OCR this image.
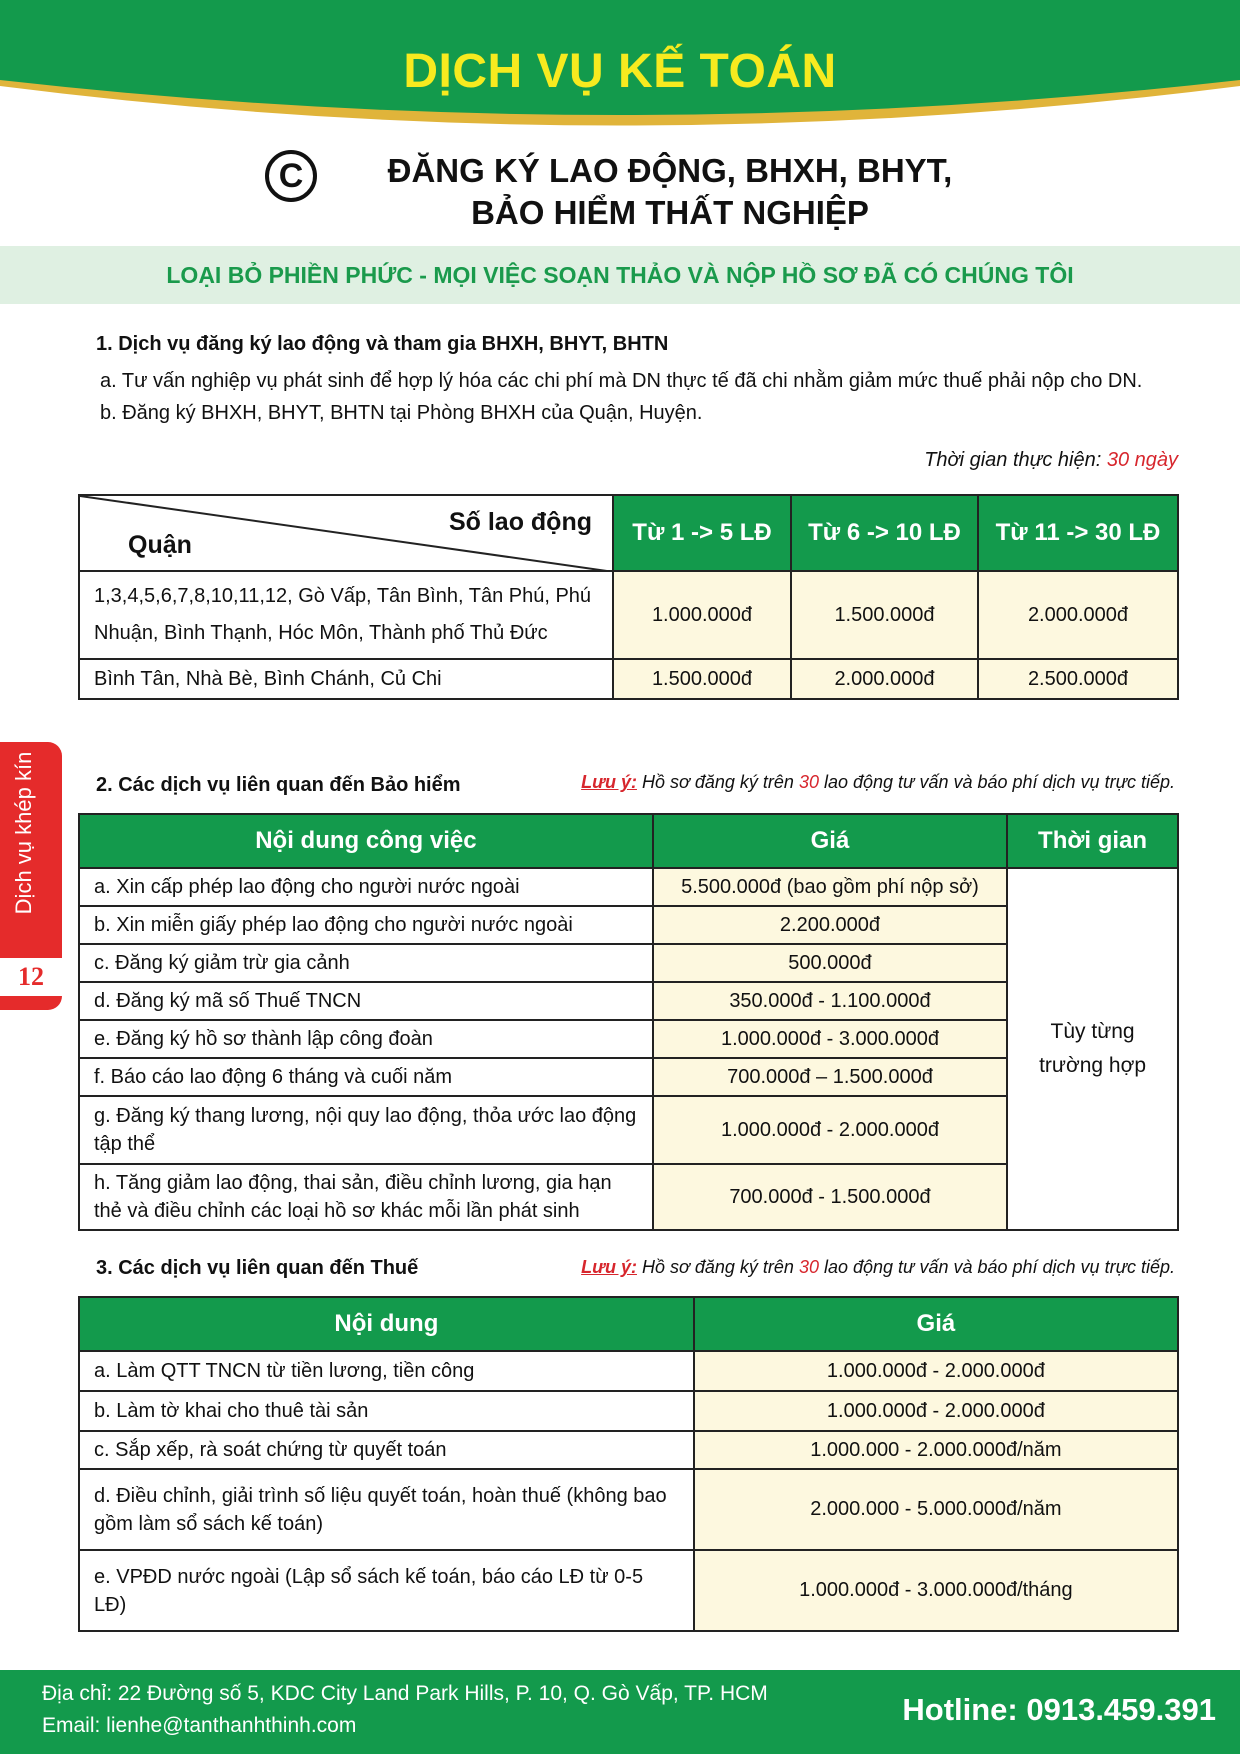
DỊCH VỤ KẾ TOÁN
C	ĐĂNG KÝ LAO ĐỘNG, BHXH, BHYT,
BẢO HIỂM THẤT NGHIỆP
LOẠI BỎ PHIỀN PHỨC - MỌI VIỆC SOẠN THẢO VÀ NỘP HỒ SƠ ĐÃ CÓ CHÚNG TÔI
1. Dịch vụ đăng ký lao động và tham gia BHXH, BHYT, BHTN
a. Tư vấn nghiệp vụ phát sinh để hợp lý hóa các chi phí mà DN thực tế đã chi nhằm giảm mức thuế phải nộp cho DN.
b. Đăng ký BHXH, BHYT, BHTN tại Phòng BHXH của Quận, Huyện.
Thời gian thực hiện: 30 ngày
Số lao động
Quận	Từ 1 -> 5 LĐ	Từ 6 -> 10 LĐ	Từ 11 -> 30 LĐ
1,3,4,5,6,7,8,10,11,12, Gò Vấp, Tân Bình, Tân Phú, Phú Nhuận, Bình Thạnh, Hóc Môn, Thành phố Thủ Đức	1.000.000đ	1.500.000đ	2.000.000đ
Bình Tân, Nhà Bè, Bình Chánh, Củ Chi	1.500.000đ	2.000.000đ	2.500.000đ
Dịch vụ khép kín
12
2. Các dịch vụ liên quan đến Bảo hiểm	Lưu ý: Hồ sơ đăng ký trên 30 lao động tư vấn và báo phí dịch vụ trực tiếp.
Nội dung công việc	Giá	Thời gian
a. Xin cấp phép lao động cho người nước ngoài	5.500.000đ (bao gồm phí nộp sở)	Tùy từng trường hợp
b. Xin miễn giấy phép lao động cho người nước ngoài	2.200.000đ	
c. Đăng ký giảm trừ gia cảnh	500.000đ	
d. Đăng ký mã số Thuế TNCN	350.000đ - 1.100.000đ	
e. Đăng ký hồ sơ thành lập công đoàn	1.000.000đ - 3.000.000đ	
f. Báo cáo lao động 6 tháng và cuối năm	700.000đ – 1.500.000đ	
g. Đăng ký thang lương, nội quy lao động, thỏa ước lao động tập thể	1.000.000đ - 2.000.000đ	
h. Tăng giảm lao động, thai sản, điều chỉnh lương, gia hạn thẻ và điều chỉnh các loại hồ sơ khác mỗi lần phát sinh	700.000đ - 1.500.000đ	
3. Các dịch vụ liên quan đến Thuế	Lưu ý: Hồ sơ đăng ký trên 30 lao động tư vấn và báo phí dịch vụ trực tiếp.
Nội dung	Giá
a. Làm QTT TNCN từ tiền lương, tiền công	1.000.000đ - 2.000.000đ
b. Làm tờ khai cho thuê tài sản	1.000.000đ - 2.000.000đ
c. Sắp xếp, rà soát chứng từ quyết toán	1.000.000 - 2.000.000đ/năm
d. Điều chỉnh, giải trình số liệu quyết toán, hoàn thuế (không bao gồm làm sổ sách kế toán)	2.000.000 - 5.000.000đ/năm
e. VPĐD nước ngoài (Lập sổ sách kế toán, báo cáo LĐ từ 0-5 LĐ)	1.000.000đ - 3.000.000đ/tháng
Địa chỉ: 22 Đường số 5, KDC City Land Park Hills, P. 10, Q. Gò Vấp, TP. HCM
Email: lienhe@tanthanhthinh.com	Hotline: 0913.459.391
